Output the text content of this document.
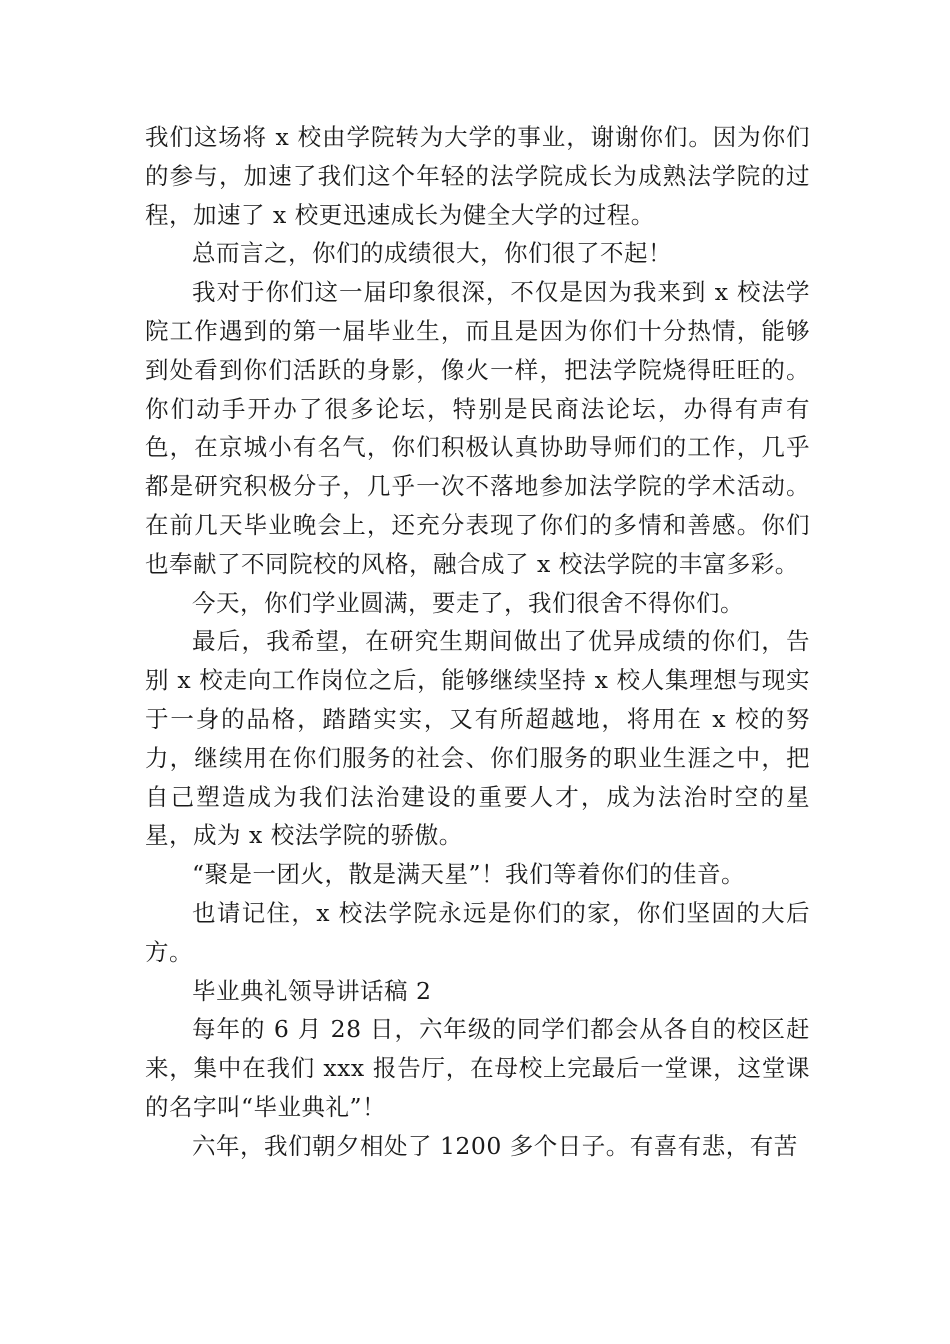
我们这场将 x 校由学院转为大学的事业，谢谢你们。因为你们的参与，加速了我们这个年轻的法学院成长为成熟法学院的过程，加速了 x 校更迅速成长为健全大学的过程。

总而言之，你们的成绩很大，你们很了不起！

我对于你们这一届印象很深，不仅是因为我来到 x 校法学院工作遇到的第一届毕业生，而且是因为你们十分热情，能够到处看到你们活跃的身影，像火一样，把法学院烧得旺旺的。你们动手开办了很多论坛，特别是民商法论坛，办得有声有色，在京城小有名气，你们积极认真协助导师们的工作，几乎都是研究积极分子，几乎一次不落地参加法学院的学术活动。在前几天毕业晚会上，还充分表现了你们的多情和善感。你们也奉献了不同院校的风格，融合成了 x 校法学院的丰富多彩。

今天，你们学业圆满，要走了，我们很舍不得你们。

最后，我希望，在研究生期间做出了优异成绩的你们，告别 x 校走向工作岗位之后，能够继续坚持 x 校人集理想与现实于一身的品格，踏踏实实，又有所超越地，将用在 x 校的努力，继续用在你们服务的社会、你们服务的职业生涯之中，把自己塑造成为我们法治建设的重要人才，成为法治时空的星星，成为 x 校法学院的骄傲。

“聚是一团火，散是满天星”！我们等着你们的佳音。

也请记住，x 校法学院永远是你们的家，你们坚固的大后方。

毕业典礼领导讲话稿 2

每年的 6 月 28 日，六年级的同学们都会从各自的校区赶来，集中在我们 xxx 报告厅，在母校上完最后一堂课，这堂课的名字叫“毕业典礼”！

六年，我们朝夕相处了 1200 多个日子。有喜有悲，有苦
